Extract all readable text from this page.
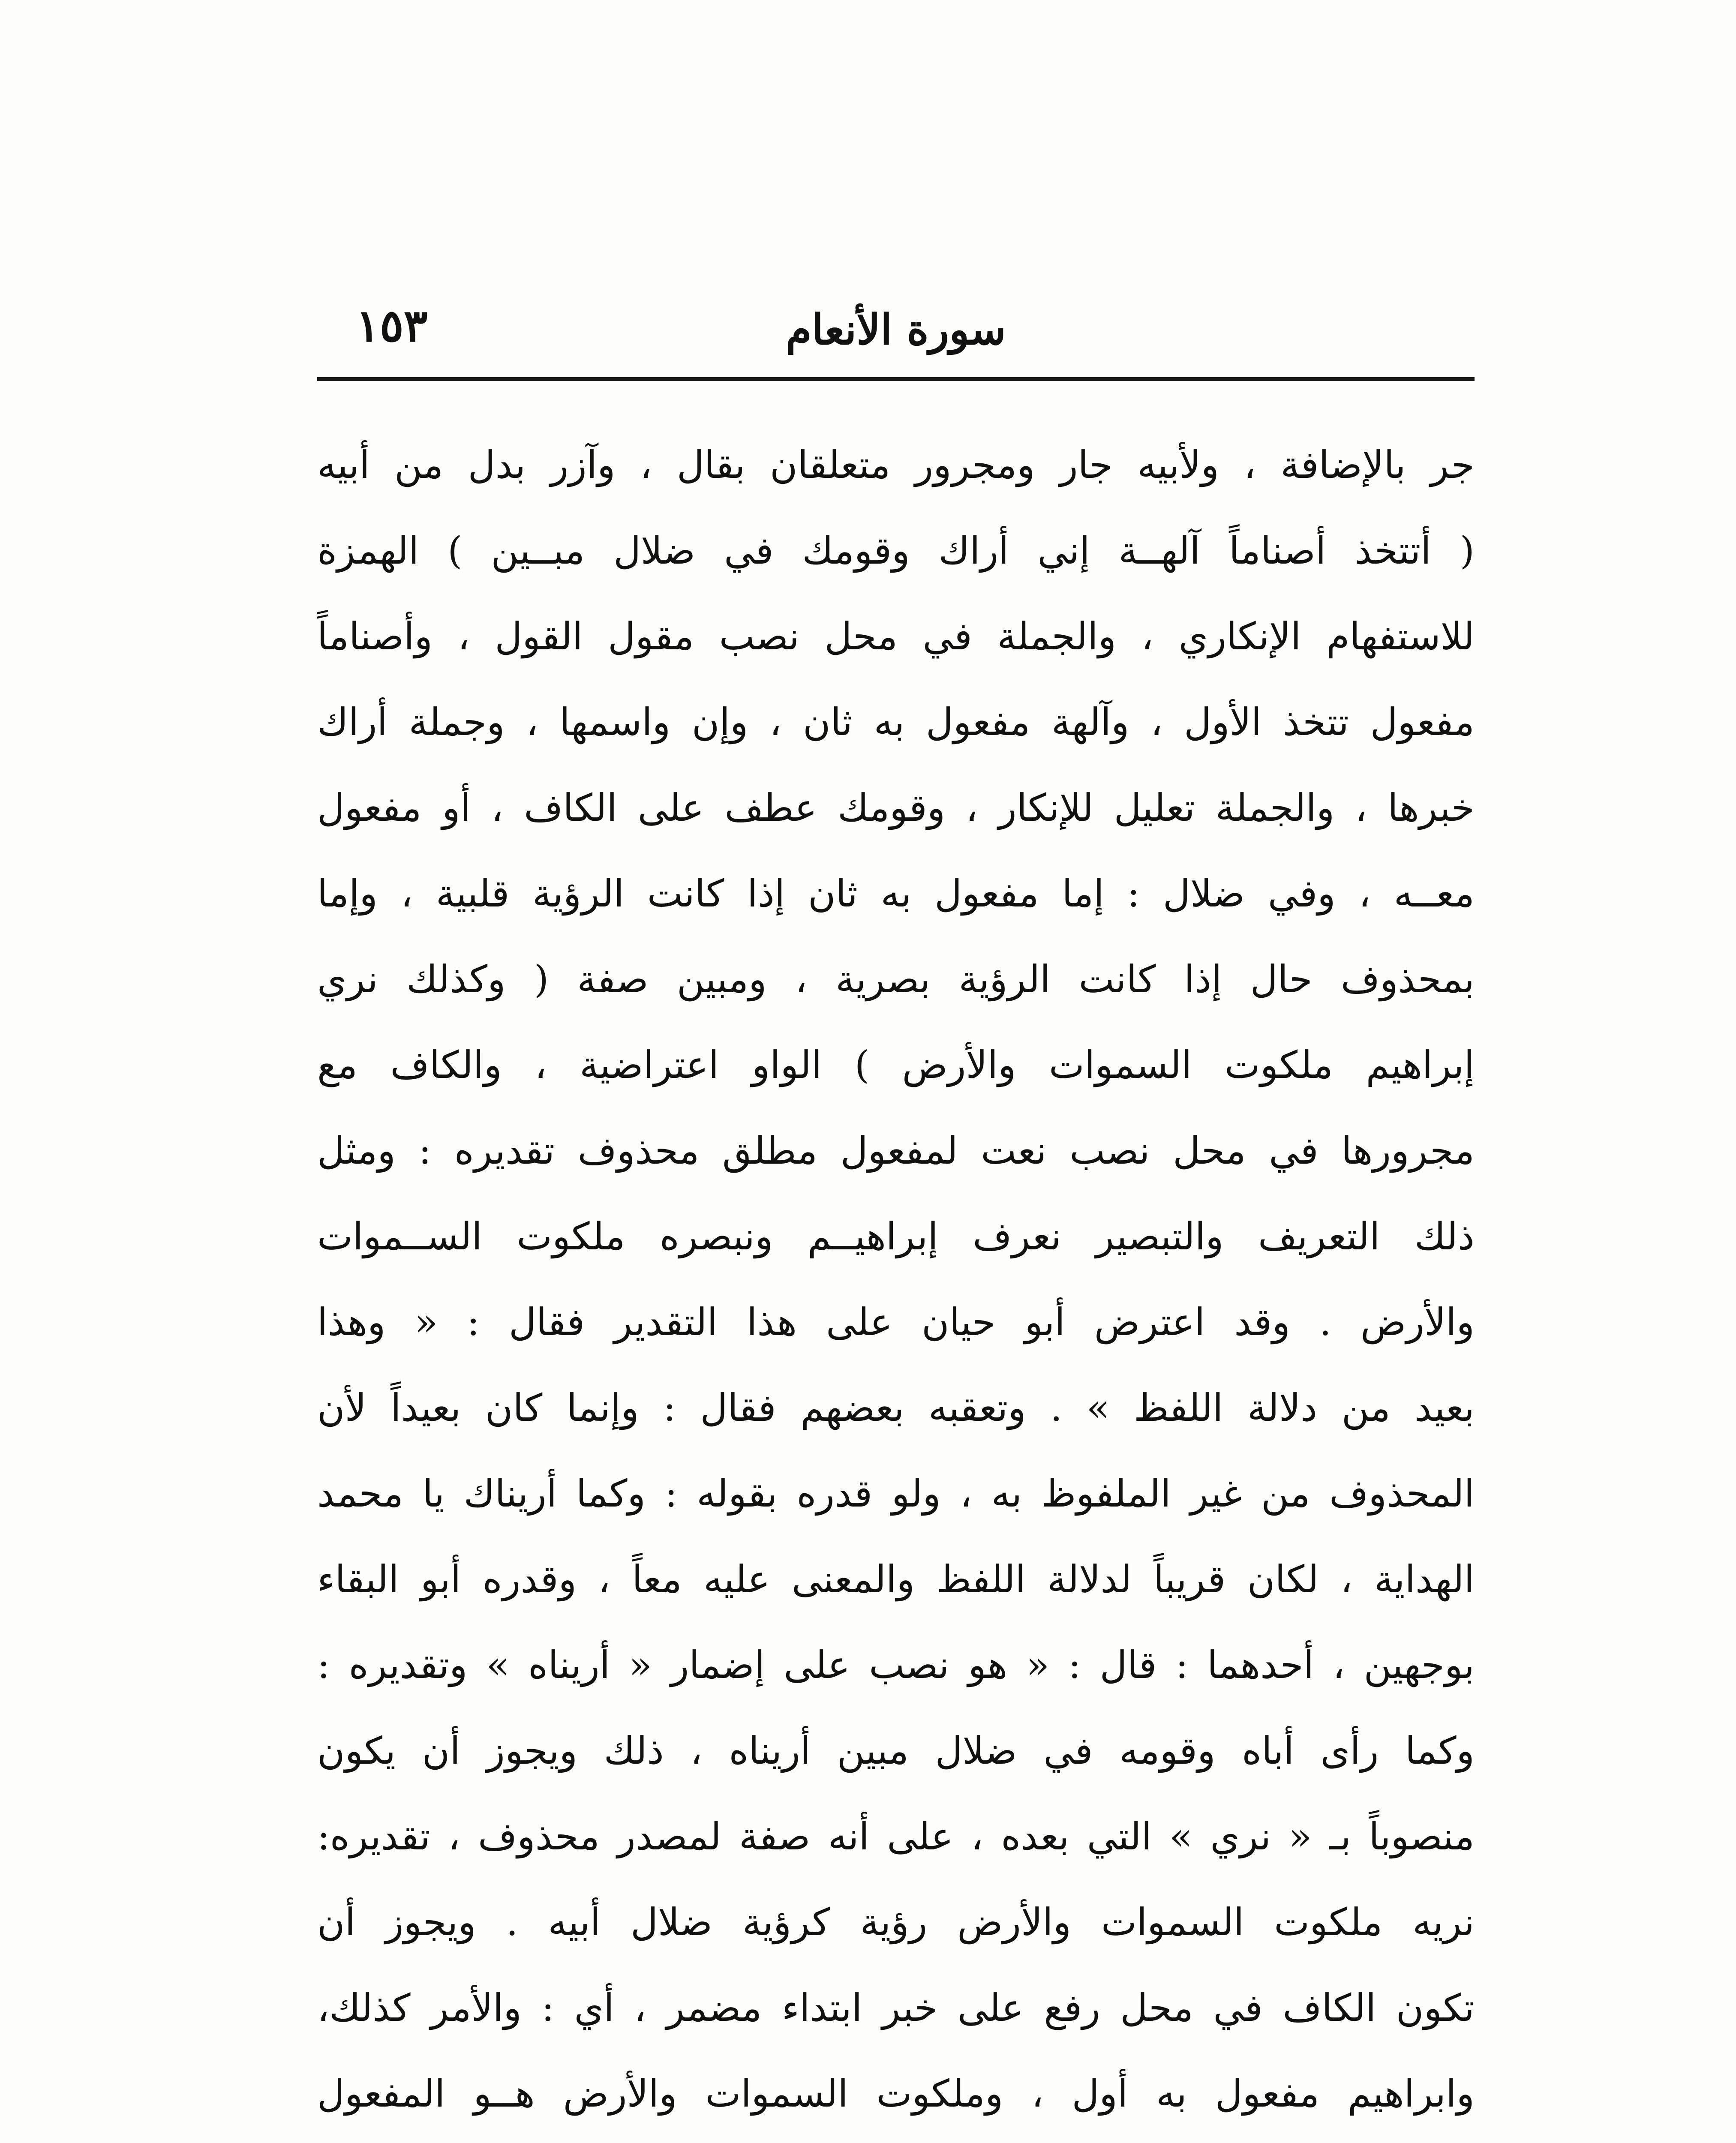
سورة الأنعام
١٥٣
جر بالإضافة ، ولأبيه جار ومجرور متعلقان بقال ، وآزر بدل من أبيه
( أتتخذ أصناماً آلهــة إني أراك وقومك في ضلال مبــين ) الهمزة
للاستفهام الإنكاري ، والجملة في محل نصب مقول القول ، وأصناماً
مفعول تتخذ الأول ، وآلهة مفعول به ثان ، وإن واسمها ، وجملة أراك
خبرها ، والجملة تعليل للإنكار ، وقومك عطف على الكاف ، أو مفعول
معــه ، وفي ضلال : إما مفعول به ثان إذا كانت الرؤية قلبية ، وإما
بمحذوف حال إذا كانت الرؤية بصرية ، ومبين صفة ( وكذلك نري
إبراهيم ملكوت السموات والأرض ) الواو اعتراضية ، والكاف مع
مجرورها في محل نصب نعت لمفعول مطلق محذوف تقديره : ومثل
ذلك التعريف والتبصير نعرف إبراهيــم ونبصره ملكوت الســموات
والأرض . وقد اعترض أبو حيان على هذا التقدير فقال : « وهذا
بعيد من دلالة اللفظ » . وتعقبه بعضهم فقال : وإنما كان بعيداً لأن
المحذوف من غير الملفوظ به ، ولو قدره بقوله : وكما أريناك يا محمد
الهداية ، لكان قريباً لدلالة اللفظ والمعنى عليه معاً ، وقدره أبو البقاء
بوجهين ، أحدهما : قال : « هو نصب على إضمار « أريناه » وتقديره :
وكما رأى أباه وقومه في ضلال مبين أريناه ، ذلك ويجوز أن يكون
منصوباً بـ « نري » التي بعده ، على أنه صفة لمصدر محذوف ، تقديره:
نريه ملكوت السموات والأرض رؤية كرؤية ضلال أبيه . ويجوز أن
تكون الكاف في محل رفع على خبر ابتداء مضمر ، أي : والأمر كذلك،
وابراهيم مفعول به أول ، وملكوت السموات والأرض هــو المفعول
